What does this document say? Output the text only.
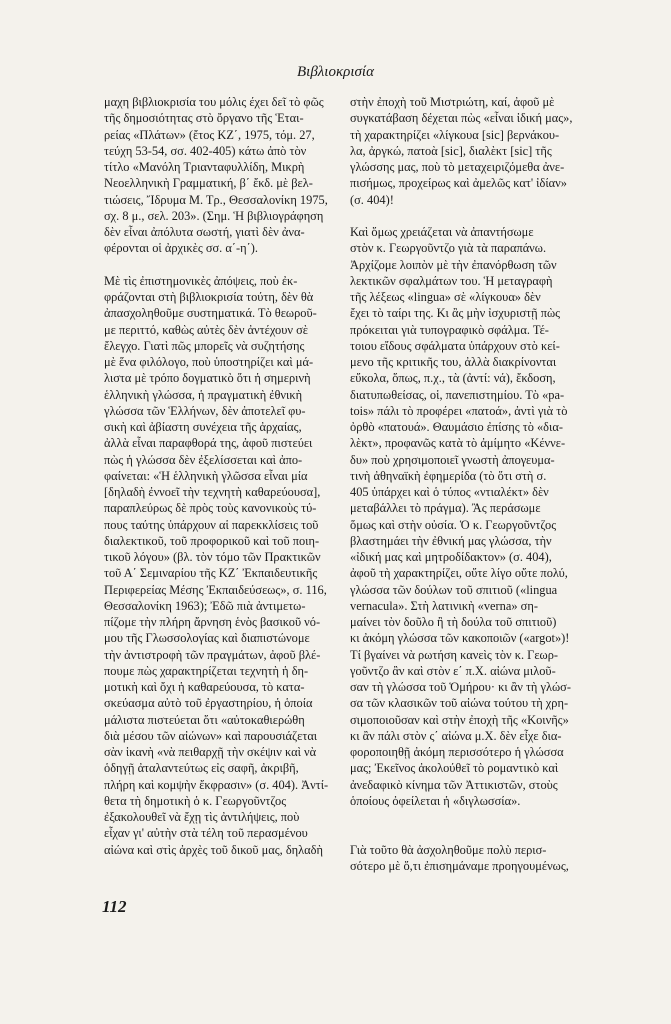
Βιβλιοκρισία
μαχη βιβλιοκρισία του μόλις έχει δεῖ τὸ φῶς
τῆς δημοσιότητας στὸ ὄργανο τῆς Ἑται-
ρείας «Πλάτων» (ἔτος ΚΖ΄, 1975, τόμ. 27,
τεύχη 53-54, σσ. 402-405) κάτω ἀπὸ τὸν
τίτλο «Μανόλη Τριανταφυλλίδη, Μικρὴ
Νεοελληνικὴ Γραμματική, β΄ ἔκδ. μὲ βελ-
τιώσεις, Ἴδρυμα Μ. Τρ., Θεσσαλονίκη 1975,
σχ. 8 μ., σελ. 203». (Σημ. Ἡ βιβλιογράφηση
δὲν εἶναι ἀπόλυτα σωστή, γιατὶ δὲν ἀνα-
φέρονται οἱ ἀρχικὲς σσ. α΄-η΄).
Μὲ τὶς ἐπιστημονικὲς ἀπόψεις, ποὺ ἐκ-
φράζονται στὴ βιβλιοκρισία τούτη, δὲν θὰ
ἀπασχοληθοῦμε συστηματικά. Τὸ θεωροῦ-
με περιττό, καθὼς αὐτὲς δὲν ἀντέχουν σὲ
ἔλεγχο. Γιατὶ πῶς μπορεῖς νὰ συζητήσης
μὲ ἕνα φιλόλογο, ποὺ ὑποστηρίζει καὶ μά-
λιστα μὲ τρόπο δογματικὸ ὅτι ἡ σημερινὴ
ἑλληνικὴ γλώσσα, ἡ πραγματικὴ ἐθνικὴ
γλώσσα τῶν Ἑλλήνων, δὲν ἀποτελεῖ φυ-
σικὴ καὶ ἀβίαστη συνέχεια τῆς ἀρχαίας,
ἀλλὰ εἶναι παραφθορά της, ἀφοῦ πιστεύει
πὼς ἡ γλώσσα δὲν ἐξελίσσεται καὶ ἀπο-
φαίνεται: «Ἡ ἑλληνικὴ γλῶσσα εἶναι μία
[δηλαδὴ ἐννοεῖ τὴν τεχνητὴ καθαρεύουσα],
παραπλεύρως δὲ πρὸς τοὺς κανονικοὺς τύ-
πους ταύτης ὑπάρχουν αἱ παρεκκλίσεις τοῦ
διαλεκτικοῦ, τοῦ προφορικοῦ καὶ τοῦ ποιη-
τικοῦ λόγου» (βλ. τὸν τόμο τῶν Πρακτικῶν
τοῦ Α΄ Σεμιναρίου τῆς ΚΖ΄ Ἐκπαιδευτικῆς
Περιφερείας Μέσης Ἐκπαιδεύσεως», σ. 116,
Θεσσαλονίκη 1963); Ἐδῶ πιὰ ἀντιμετω-
πίζομε τὴν πλήρη ἄρνηση ἑνὸς βασικοῦ νό-
μου τῆς Γλωσσολογίας καὶ διαπιστώνομε
τὴν ἀντιστροφὴ τῶν πραγμάτων, ἀφοῦ βλέ-
πουμε πὼς χαρακτηρίζεται τεχνητὴ ἡ δη-
μοτικὴ καὶ ὄχι ἡ καθαρεύουσα, τὸ κατα-
σκεύασμα αὐτὸ τοῦ ἐργαστηρίου, ἡ ὁποία
μάλιστα πιστεύεται ὅτι «αὐτοκαθιερώθη
διὰ μέσου τῶν αἰώνων» καὶ παρουσιάζεται
σὰν ἱκανὴ «νὰ πειθαρχῇ τὴν σκέψιν καὶ νὰ
ὁδηγῇ ἀταλαντεύτως εἰς σαφῆ, ἀκριβῆ,
πλήρη καὶ κομψὴν ἔκφρασιν» (σ. 404). Ἀντί-
θετα τὴ δημοτικὴ ὁ κ. Γεωργοῦντζος
ἐξακολουθεῖ νὰ ἔχῃ τὶς ἀντιλήψεις, ποὺ
εἶχαν γι' αὐτὴν στὰ τέλη τοῦ περασμένου
αἰώνα καὶ στὶς ἀρχὲς τοῦ δικοῦ μας, δηλαδὴ
στὴν ἐποχὴ τοῦ Μιστριώτη, καί, ἀφοῦ μὲ
συγκατάβαση δέχεται πὼς «εἶναι ἰδική μας»,
τὴ χαρακτηρίζει «λίγκουα [sic] βερνάκου-
λα, ἀργκώ, πατοὰ [sic], διαλὲκτ [sic] τῆς
γλώσσης μας, ποὺ τὸ μεταχειριζόμεθα ἀνε-
πισήμως, προχείρως καὶ ἀμελῶς κατ' ἰδίαν»
(σ. 404)!
Καὶ ὅμως χρειάζεται νὰ ἀπαντήσωμε
στὸν κ. Γεωργοῦντζο γιὰ τὰ παραπάνω.
Ἀρχίζομε λοιπὸν μὲ τὴν ἐπανόρθωση τῶν
λεκτικῶν σφαλμάτων του. Ἡ μεταγραφὴ
τῆς λέξεως «lingua» σὲ «λίγκουα» δὲν
ἔχει τὸ ταίρι της. Κι ἂς μὴν ἰσχυριστῇ πὼς
πρόκειται γιὰ τυπογραφικὸ σφάλμα. Τέ-
τοιου εἴδους σφάλματα ὑπάρχουν στὸ κεί-
μενο τῆς κριτικῆς του, ἀλλὰ διακρίνονται
εὔκολα, ὅπως, π.χ., τὰ (ἀντί: νά), ἔκδοση,
διατυπωθείσας, οἱ, πανεπιστημίου. Τὸ «pa-
tois» πάλι τὸ προφέρει «πατοά», ἀντὶ γιὰ τὸ
ὀρθὸ «πατουά». Θαυμάσιο ἐπίσης τὸ «δια-
λὲκτ», προφανῶς κατὰ τὸ ἀμίμητο «Κέννε-
δυ» ποὺ χρησιμοποιεῖ γνωστὴ ἀπογευμα-
τινὴ ἀθηναϊκὴ ἐφημερίδα (τὸ ὅτι στὴ σ.
405 ὑπάρχει καὶ ὁ τύπος «ντιαλέκτ» δὲν
μεταβάλλει τὸ πράγμα). Ἂς περάσωμε
ὅμως καὶ στὴν οὐσία. Ὁ κ. Γεωργοῦντζος
βλαστημάει τὴν ἐθνική μας γλώσσα, τὴν
«ἰδική μας καὶ μητροδίδακτον» (σ. 404),
ἀφοῦ τὴ χαρακτηρίζει, οὔτε λίγο οὔτε πολύ,
γλώσσα τῶν δούλων τοῦ σπιτιοῦ («lingua
vernacula». Στὴ λατινικὴ «verna» ση-
μαίνει τὸν δοῦλο ἢ τὴ δούλα τοῦ σπιτιοῦ)
κι ἀκόμη γλώσσα τῶν κακοποιῶν («argot»)!
Τί βγαίνει νὰ ρωτήση κανεὶς τὸν κ. Γεωρ-
γοῦντζο ἂν καὶ στὸν ε΄ π.Χ. αἰώνα μιλοῦ-
σαν τὴ γλώσσα τοῦ Ὁμήρου· κι ἂν τὴ γλώσ-
σα τῶν κλασικῶν τοῦ αἰώνα τούτου τὴ χρη-
σιμοποιοῦσαν καὶ στὴν ἐποχὴ τῆς «Κοινῆς»
κι ἂν πάλι στὸν ς΄ αἰώνα μ.Χ. δὲν εἶχε δια-
φοροποιηθῇ ἀκόμη περισσότερο ἡ γλώσσα
μας; Ἐκεῖνος ἀκολούθεῖ τὸ ρομαντικὸ καὶ
ἀνεδαφικὸ κίνημα τῶν Ἀττικιστῶν, στοὺς
ὁποίους ὀφείλεται ἡ «διγλωσσία».
Γιὰ τοῦτο θὰ ἀσχοληθοῦμε πολὺ περισ-
σότερο μὲ ὅ,τι ἐπισημάναμε προηγουμένως,
112
